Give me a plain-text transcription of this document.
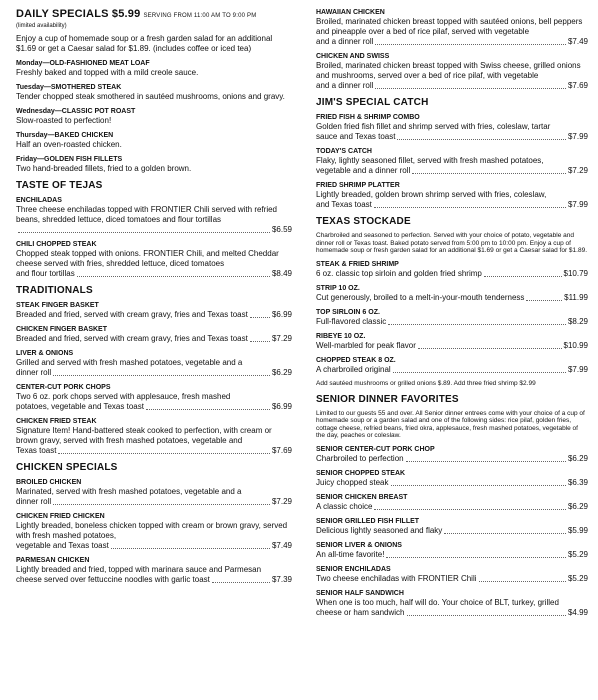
DAILY SPECIALS $5.99 SERVING FROM 11:00 AM TO 9:00 PM
(limited availability)
Enjoy a cup of homemade soup or a fresh garden salad for an additional $1.69 or get a Caesar salad for $1.89. (includes coffee or iced tea)
Monday—OLD-FASHIONED MEAT LOAF
Freshly baked and topped with a mild creole sauce.
Tuesday—SMOTHERED STEAK
Tender chopped steak smothered in sautéed mushrooms, onions and gravy.
Wednesday—CLASSIC POT ROAST
Slow-roasted to perfection!
Thursday—BAKED CHICKEN
Half an oven-roasted chicken.
Friday—GOLDEN FISH FILLETS
Two hand-breaded fillets, fried to a golden brown.
TASTE OF TEJAS
ENCHILADAS
Three cheese enchiladas topped with FRONTIER Chili served with refried beans, shredded lettuce, diced tomatoes and flour tortillas
$6.59
CHILI CHOPPED STEAK
Chopped steak topped with onions. FRONTIER Chili, and melted Cheddar cheese served with fries, shredded lettuce, diced tomatoes
and flour tortillas	$8.49
TRADITIONALS
STEAK FINGER BASKET
Breaded and fried, served with cream gravy, fries and Texas toast	$6.99
CHICKEN FINGER BASKET
Breaded and fried, served with cream gravy, fries and Texas toast	$7.29
LIVER & ONIONS
Grilled and served with fresh mashed potatoes, vegetable and a
dinner roll	$6.29
CENTER-CUT PORK CHOPS
Two 6 oz. pork chops served with applesauce, fresh mashed
potatoes, vegetable and Texas toast	$6.99
CHICKEN FRIED STEAK
Signature Item! Hand-battered steak cooked to perfection, with cream or brown gravy, served with fresh mashed potatoes, vegetable and
Texas toast	$7.69
CHICKEN SPECIALS
BROILED CHICKEN
Marinated, served with fresh mashed potatoes, vegetable and a
dinner roll	$7.29
CHICKEN FRIED CHICKEN
Lightly breaded, boneless chicken topped with cream or brown gravy, served with fresh mashed potatoes,
vegetable and Texas toast	$7.49
PARMESAN CHICKEN
Lightly breaded and fried, topped with marinara sauce and Parmesan
cheese served over fettuccine noodles with garlic toast	$7.39
HAWAIIAN CHICKEN
Broiled, marinated chicken breast topped with sautéed onions, bell peppers and pineapple over a bed of rice pilaf, served with vegetable
and a dinner roll	$7.49
CHICKEN AND SWISS
Broiled, marinated chicken breast topped with Swiss cheese, grilled onions and mushrooms, served over a bed of rice pilaf, with vegetable
and a dinner roll	$7.69
JIM'S SPECIAL CATCH
FRIED FISH & SHRIMP COMBO
Golden fried fish fillet and shrimp served with fries, coleslaw, tartar
sauce and Texas toast	$7.99
TODAY'S CATCH
Flaky, lightly seasoned fillet, served with fresh mashed potatoes,
vegetable and a dinner roll	$7.29
FRIED SHRIMP PLATTER
Lightly breaded, golden brown shrimp served with fries, coleslaw,
and Texas toast	$7.99
TEXAS STOCKADE
Charbroiled and seasoned to perfection. Served with your choice of potato, vegetable and dinner roll or Texas toast. Baked potato served from 5:00 pm to 10:00 pm. Enjoy a cup of homemade soup or fresh garden salad for an additional $1.69 or get a Caesar salad for $1.89.
STEAK & FRIED SHRIMP
6 oz. classic top sirloin and golden fried shrimp	$10.79
STRIP 10 OZ.
Cut generously, broiled to a melt-in-your-mouth tenderness	$11.99
TOP SIRLOIN 6 OZ.
Full-flavored classic	$8.29
RIBEYE 10 OZ.
Well-marbled for peak flavor	$10.99
CHOPPED STEAK 8 OZ.
A charbroiled original	$7.99
Add sautéed mushrooms or grilled onions $.89. Add three fried shrimp $2.99
SENIOR DINNER FAVORITES
Limited to our guests 55 and over. All Senior dinner entrees come with your choice of a cup of homemade soup or a garden salad and one of the following sides: rice pilaf, golden fries, cottage cheese, refried beans, fried okra, applesauce, fresh mashed potatoes, vegetable of the day, peaches or coleslaw.
SENIOR CENTER-CUT PORK CHOP
Charbroiled to perfection	$6.29
SENIOR CHOPPED STEAK
Juicy chopped steak	$6.39
SENIOR CHICKEN BREAST
A classic choice	$6.29
SENIOR GRILLED FISH FILLET
Delicious lightly seasoned and flaky	$5.99
SENIOR LIVER & ONIONS
An all-time favorite!	$5.29
SENIOR ENCHILADAS
Two cheese enchiladas with FRONTIER Chili	$5.29
SENIOR HALF SANDWICH
When one is too much, half will do. Your choice of BLT, turkey, grilled
cheese or ham sandwich	$4.99
